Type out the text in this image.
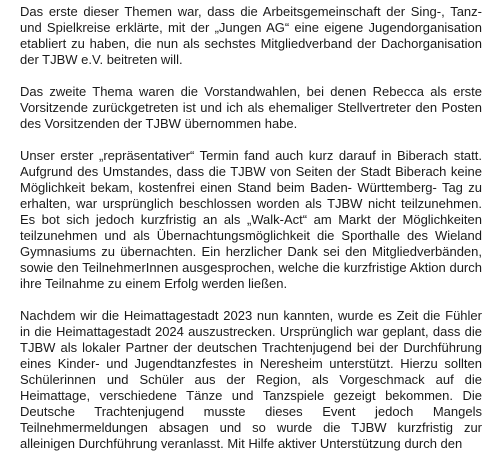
Das erste dieser Themen war, dass die Arbeitsgemeinschaft der Sing-, Tanz- und Spielkreise erklärte, mit der „Jungen AG“ eine eigene Jugendorganisation etabliert zu haben, die nun als sechstes Mitgliedverband der Dachorganisation der TJBW e.V. beitreten will.

Das zweite Thema waren die Vorstandwahlen, bei denen Rebecca als erste Vorsitzende zurückgetreten ist und ich als ehemaliger Stellvertreter den Posten des Vorsitzenden der TJBW übernommen habe.

Unser erster „repräsentativer“ Termin fand auch kurz darauf in Biberach statt. Aufgrund des Umstandes, dass die TJBW von Seiten der Stadt Biberach keine Möglichkeit bekam, kostenfrei einen Stand beim Baden- Württemberg- Tag zu erhalten, war ursprünglich beschlossen worden als TJBW nicht teilzunehmen. Es bot sich jedoch kurzfristig an als „Walk-Act“ am Markt der Möglichkeiten teilzunehmen und als Übernachtungsmöglichkeit die Sporthalle des Wieland Gymnasiums zu übernachten. Ein herzlicher Dank sei den Mitgliedverbänden, sowie den TeilnehmerInnen ausgesprochen, welche die kurzfristige Aktion durch ihre Teilnahme zu einem Erfolg werden ließen.

Nachdem wir die Heimattagestadt 2023 nun kannten, wurde es Zeit die Fühler in die Heimattagestadt 2024 auszustrecken. Ursprünglich war geplant, dass die TJBW als lokaler Partner der deutschen Trachtenjugend bei der Durchführung eines Kinder- und Jugendtanzfestes in Neresheim unterstützt. Hierzu sollten Schülerinnen und Schüler aus der Region, als Vorgeschmack auf die Heimattage, verschiedene Tänze und Tanzspiele gezeigt bekommen. Die Deutsche Trachtenjugend musste dieses Event jedoch Mangels Teilnehmermeldungen absagen und so wurde die TJBW kurzfristig zur alleinigen Durchführung veranlasst. Mit Hilfe aktiver Unterstützung durch den
